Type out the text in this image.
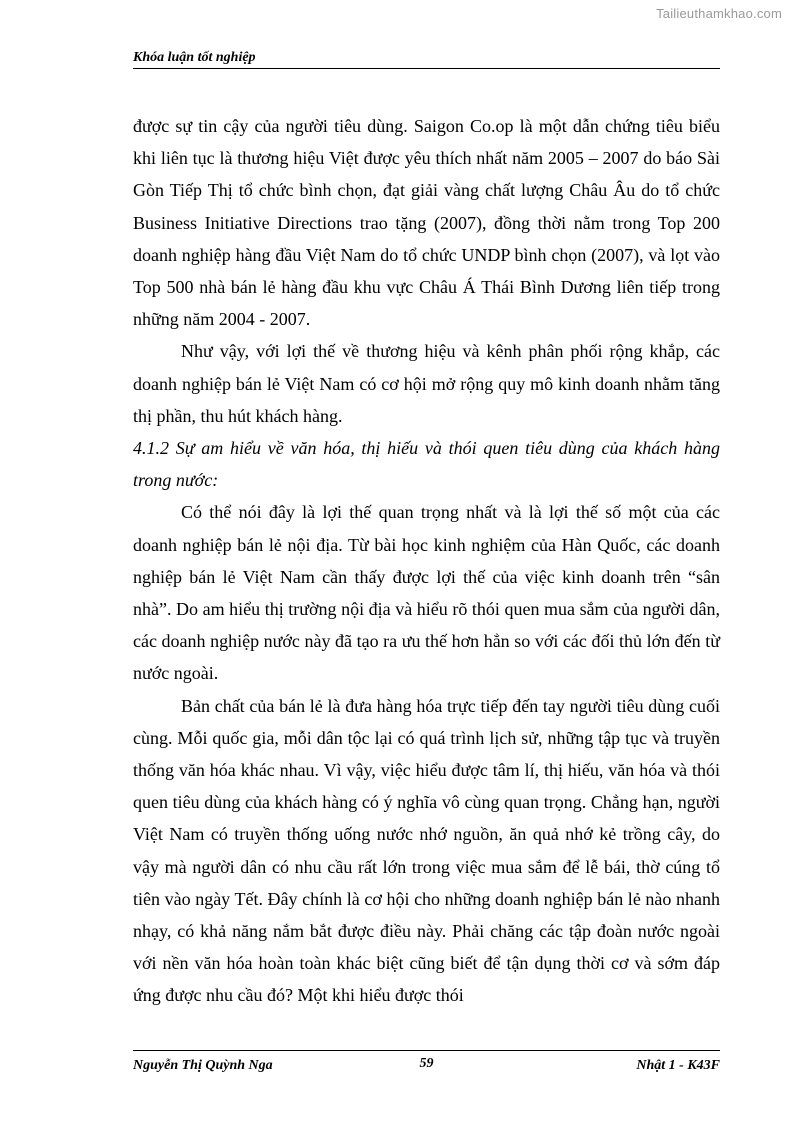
Tailieuthamkhao.com
Khóa luận tốt nghiệp

được sự tin cậy của người tiêu dùng. Saigon Co.op là một dẫn chứng tiêu biểu khi liên tục là thương hiệu Việt được yêu thích nhất năm 2005 – 2007 do báo Sài Gòn Tiếp Thị tổ chức bình chọn, đạt giải vàng chất lượng Châu Âu do tổ chức Business Initiative Directions trao tặng (2007), đồng thời nằm trong Top 200 doanh nghiệp hàng đầu Việt Nam do tổ chức UNDP bình chọn (2007), và lọt vào Top 500 nhà bán lẻ hàng đầu khu vực Châu Á Thái Bình Dương liên tiếp trong những năm 2004 - 2007.

Như vậy, với lợi thế về thương hiệu và kênh phân phối rộng khắp, các doanh nghiệp bán lẻ Việt Nam có cơ hội mở rộng quy mô kinh doanh nhằm tăng thị phần, thu hút khách hàng.

4.1.2 Sự am hiểu về văn hóa, thị hiếu và thói quen tiêu dùng của khách hàng trong nước:

Có thể nói đây là lợi thế quan trọng nhất và là lợi thế số một của các doanh nghiệp bán lẻ nội địa. Từ bài học kinh nghiệm của Hàn Quốc, các doanh nghiệp bán lẻ Việt Nam cần thấy được lợi thế của việc kinh doanh trên “sân nhà”. Do am hiểu thị trường nội địa và hiểu rõ thói quen mua sắm của người dân, các doanh nghiệp nước này đã tạo ra ưu thế hơn hẳn so với các đối thủ lớn đến từ nước ngoài.

Bản chất của bán lẻ là đưa hàng hóa trực tiếp đến tay người tiêu dùng cuối cùng. Mỗi quốc gia, mỗi dân tộc lại có quá trình lịch sử, những tập tục và truyền thống văn hóa khác nhau. Vì vậy, việc hiểu được tâm lí, thị hiếu, văn hóa và thói quen tiêu dùng của khách hàng có ý nghĩa vô cùng quan trọng. Chẳng hạn, người Việt Nam có truyền thống uống nước nhớ nguồn, ăn quả nhớ kẻ trồng cây, do vậy mà người dân có nhu cầu rất lớn trong việc mua sắm để lễ bái, thờ cúng tổ tiên vào ngày Tết. Đây chính là cơ hội cho những doanh nghiệp bán lẻ nào nhanh nhạy, có khả năng nắm bắt được điều này. Phải chăng các tập đoàn nước ngoài với nền văn hóa hoàn toàn khác biệt cũng biết để tận dụng thời cơ và sớm đáp ứng được nhu cầu đó? Một khi hiểu được thói

Nguyễn Thị Quỳnh Nga	59	Nhật 1 - K43F
